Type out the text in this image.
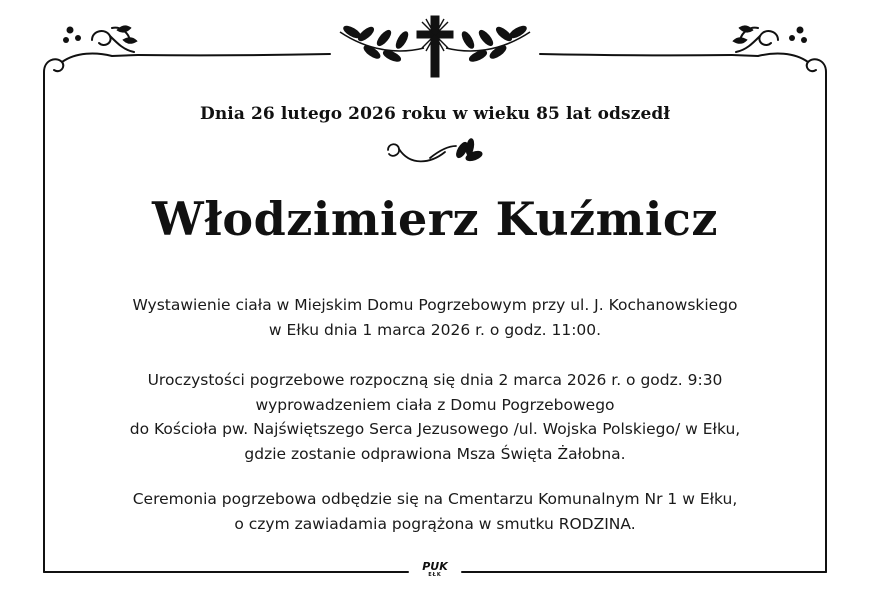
Dnia 26 lutego 2026 roku w wieku 85 lat odszedł

Włodzimierz Kuźmicz

Wystawienie ciała w Miejskim Domu Pogrzebowym przy ul. J. Kochanowskiego
w Ełku dnia 1 marca 2026 r. o godz. 11:00.
Uroczystości pogrzebowe rozpoczną się dnia 2 marca 2026 r. o godz. 9:30
wyprowadzeniem ciała z Domu Pogrzebowego
do Kościoła pw. Najświętszego Serca Jezusowego /ul. Wojska Polskiego/ w Ełku,
gdzie zostanie odprawiona Msza Święta Żałobna.
Ceremonia pogrzebowa odbędzie się na Cmentarzu Komunalnym Nr 1 w Ełku,
o czym zawiadamia pogrążona w smutku RODZINA.
PUK
EŁK
